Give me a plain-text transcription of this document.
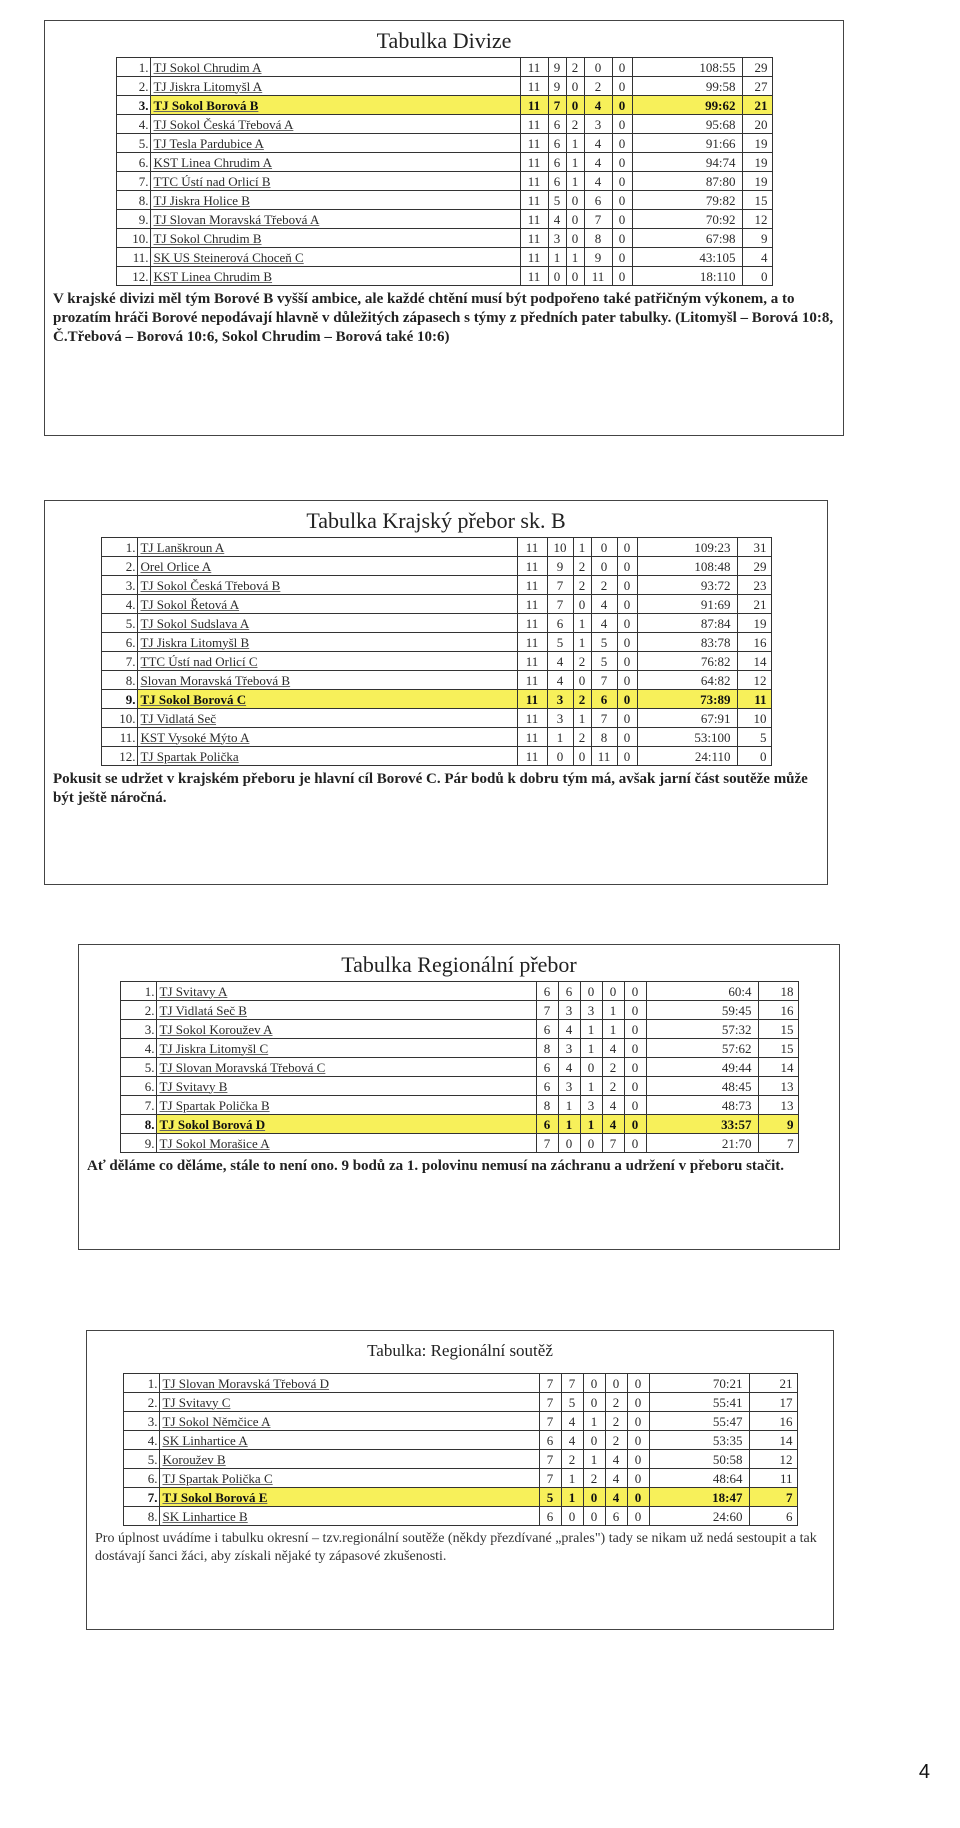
Tabulka Divize
1.	TJ Sokol Chrudim A	11	9	2	0	0	108:55	29
2.	TJ Jiskra Litomyšl A	11	9	0	2	0	99:58	27
3.	TJ Sokol Borová B	11	7	0	4	0	99:62	21
4.	TJ Sokol Česká Třebová A	11	6	2	3	0	95:68	20
5.	TJ Tesla Pardubice A	11	6	1	4	0	91:66	19
6.	KST Linea Chrudim A	11	6	1	4	0	94:74	19
7.	TTC Ústí nad Orlicí B	11	6	1	4	0	87:80	19
8.	TJ Jiskra Holice B	11	5	0	6	0	79:82	15
9.	TJ Slovan Moravská Třebová A	11	4	0	7	0	70:92	12
10.	TJ Sokol Chrudim B	11	3	0	8	0	67:98	9
11.	SK US Steinerová Choceň C	11	1	1	9	0	43:105	4
12.	KST Linea Chrudim B	11	0	0	11	0	18:110	0
V krajské divizi měl tým Borové B vyšší ambice, ale každé chtění musí být podpořeno také patřičným výkonem, a to prozatím hráči Borové nepodávají hlavně v důležitých zápasech s týmy z předních pater tabulky. (Litomyšl – Borová 10:8, Č.Třebová – Borová 10:6, Sokol Chrudim – Borová také 10:6)
Tabulka Krajský přebor sk. B
1.	TJ Lanškroun A	11	10	1	0	0	109:23	31
2.	Orel Orlice A	11	9	2	0	0	108:48	29
3.	TJ Sokol Česká Třebová B	11	7	2	2	0	93:72	23
4.	TJ Sokol Řetová A	11	7	0	4	0	91:69	21
5.	TJ Sokol Sudslava A	11	6	1	4	0	87:84	19
6.	TJ Jiskra Litomyšl B	11	5	1	5	0	83:78	16
7.	TTC Ústí nad Orlicí C	11	4	2	5	0	76:82	14
8.	Slovan Moravská Třebová B	11	4	0	7	0	64:82	12
9.	TJ Sokol Borová C	11	3	2	6	0	73:89	11
10.	TJ Vidlatá Seč	11	3	1	7	0	67:91	10
11.	KST Vysoké Mýto A	11	1	2	8	0	53:100	5
12.	TJ Spartak Polička	11	0	0	11	0	24:110	0
Pokusit se udržet v krajském přeboru je hlavní cíl Borové C. Pár bodů k dobru tým má, avšak jarní část soutěže může být ještě náročná.
Tabulka Regionální přebor
1.	TJ Svitavy A	6	6	0	0	0	60:4	18
2.	TJ Vidlatá Seč B	7	3	3	1	0	59:45	16
3.	TJ Sokol Koroužev A	6	4	1	1	0	57:32	15
4.	TJ Jiskra Litomyšl C	8	3	1	4	0	57:62	15
5.	TJ Slovan Moravská Třebová C	6	4	0	2	0	49:44	14
6.	TJ Svitavy B	6	3	1	2	0	48:45	13
7.	TJ Spartak Polička B	8	1	3	4	0	48:73	13
8.	TJ Sokol Borová D	6	1	1	4	0	33:57	9
9.	TJ Sokol Morašice A	7	0	0	7	0	21:70	7
Ať děláme co děláme, stále to není ono. 9 bodů za 1. polovinu nemusí na záchranu a udržení v přeboru stačit.
Tabulka: Regionální soutěž
1.	TJ Slovan Moravská Třebová D	7	7	0	0	0	70:21	21
2.	TJ Svitavy C	7	5	0	2	0	55:41	17
3.	TJ Sokol Němčice A	7	4	1	2	0	55:47	16
4.	SK Linhartice A	6	4	0	2	0	53:35	14
5.	Koroužev B	7	2	1	4	0	50:58	12
6.	TJ Spartak Polička C	7	1	2	4	0	48:64	11
7.	TJ Sokol Borová E	5	1	0	4	0	18:47	7
8.	SK Linhartice B	6	0	0	6	0	24:60	6
Pro úplnost uvádíme i tabulku okresní – tzv.regionální soutěže (někdy přezdívané „prales") tady se nikam už nedá sestoupit a tak dostávají šanci žáci, aby získali nějaké ty zápasové zkušenosti.
4
